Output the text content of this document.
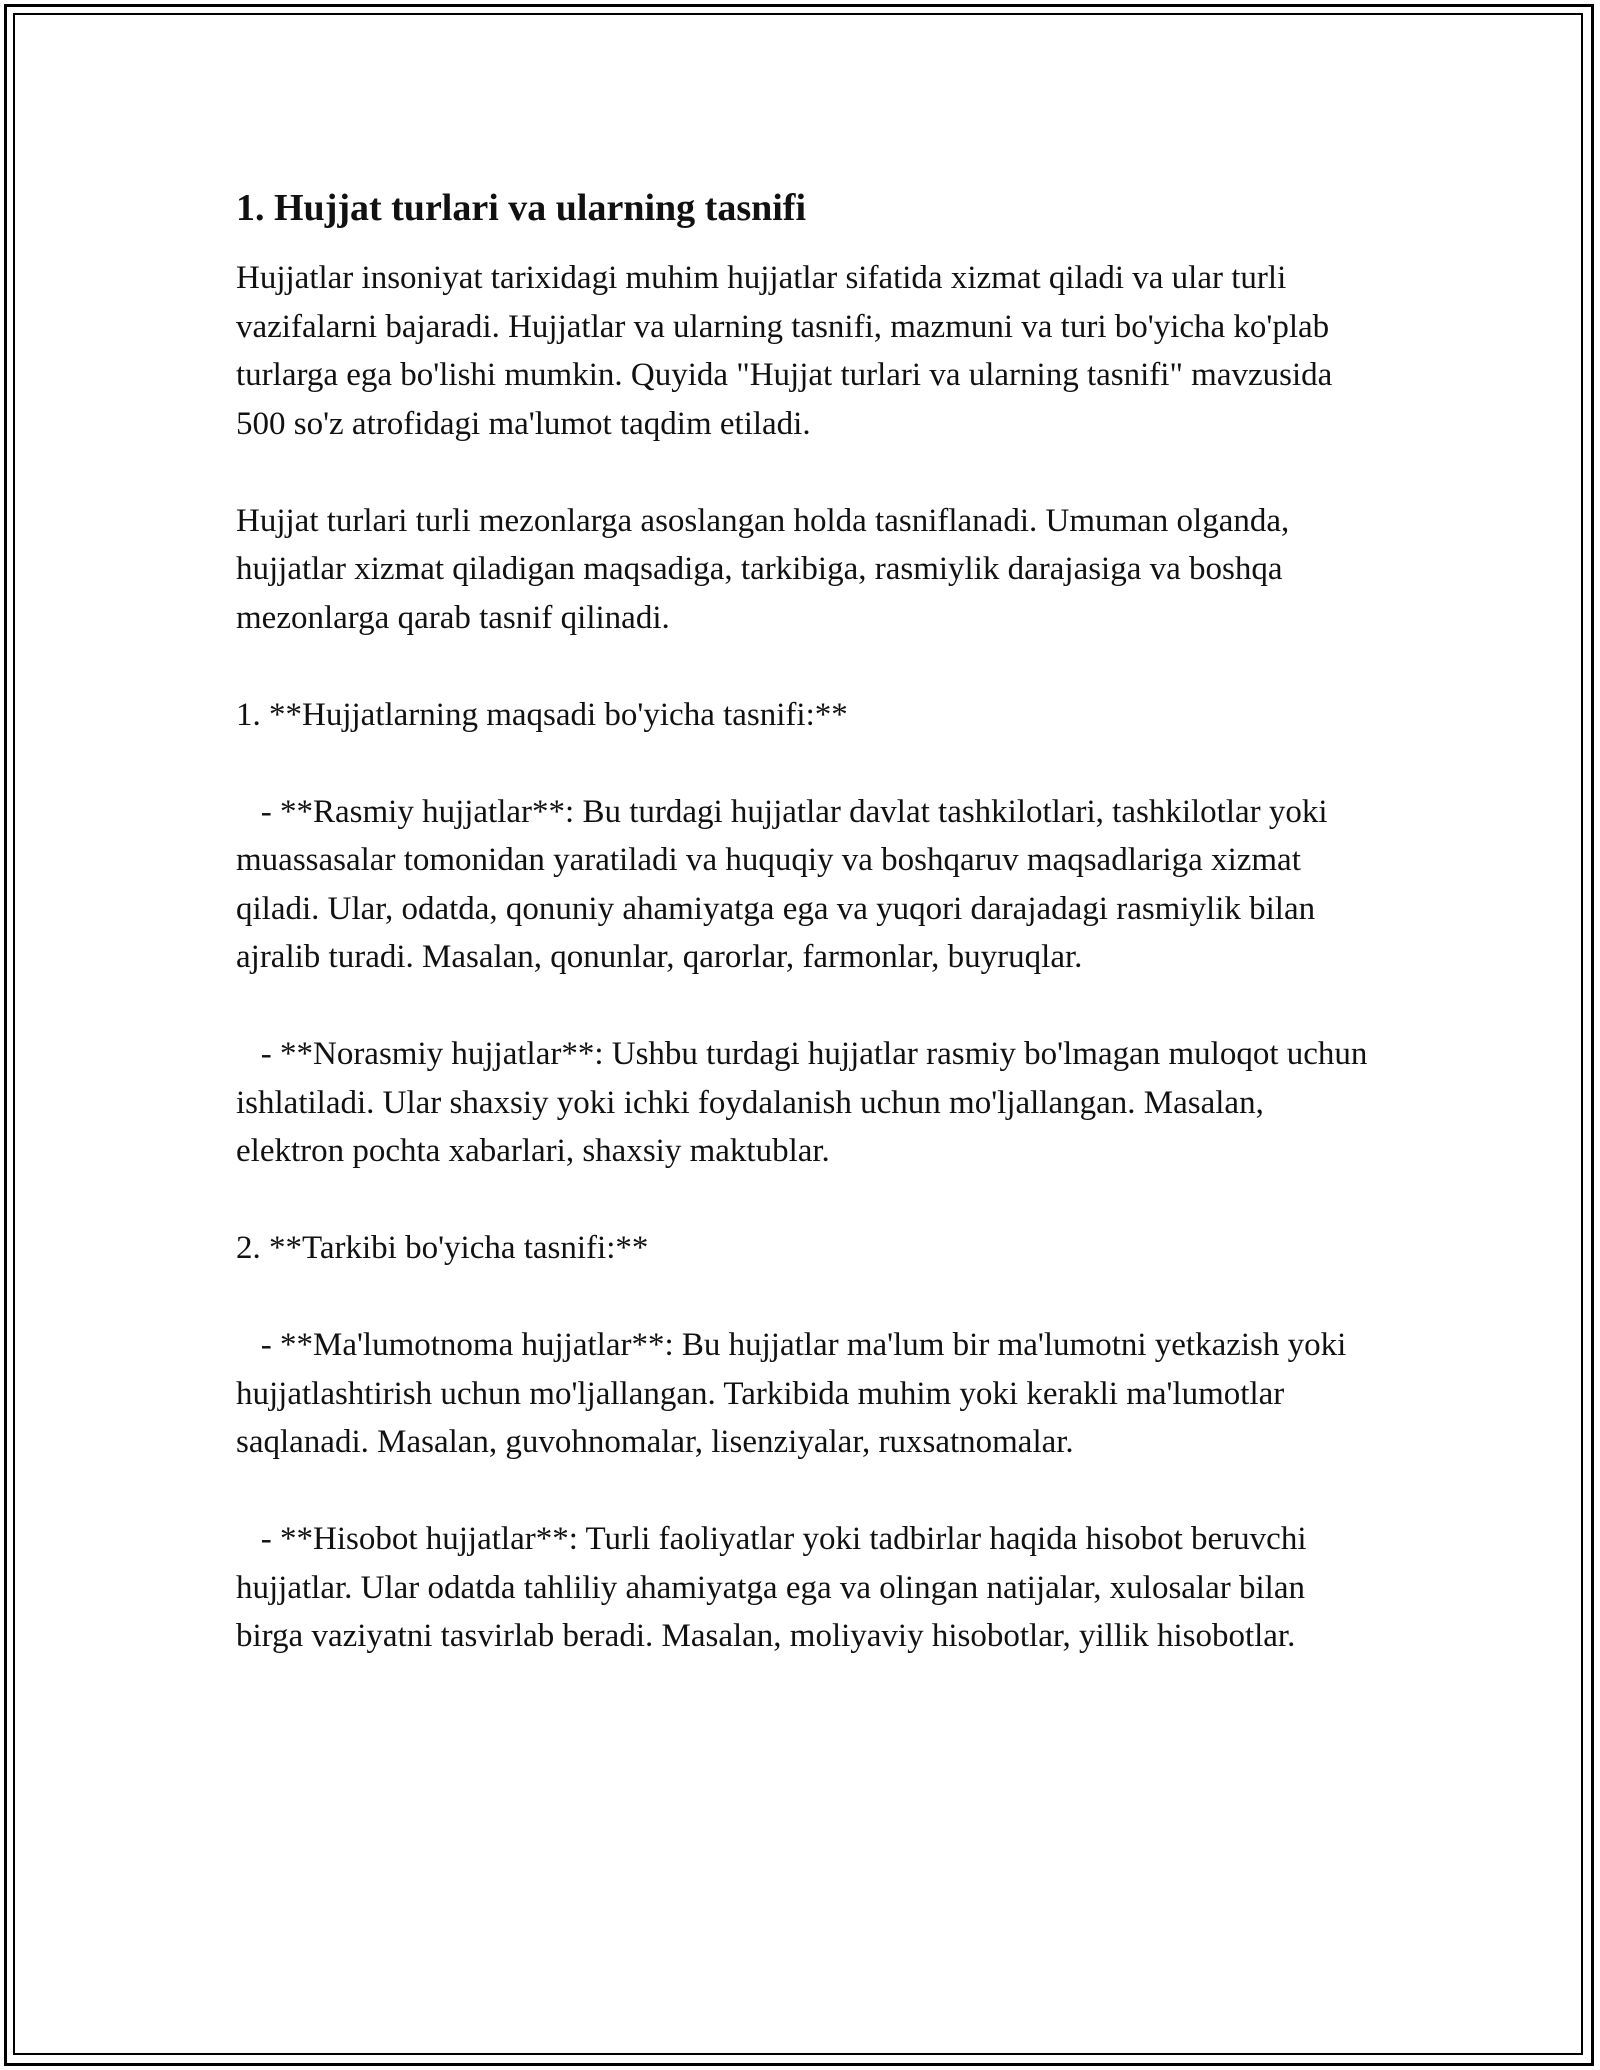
1. Hujjat turlari va ularning tasnifi

Hujjatlar insoniyat tarixidagi muhim hujjatlar sifatida xizmat qiladi va ular turli vazifalarni bajaradi. Hujjatlar va ularning tasnifi, mazmuni va turi bo'yicha ko'plab turlarga ega bo'lishi mumkin. Quyida "Hujjat turlari va ularning tasnifi" mavzusida 500 so'z atrofidagi ma'lumot taqdim etiladi.

Hujjat turlari turli mezonlarga asoslangan holda tasniflanadi. Umuman olganda, hujjatlar xizmat qiladigan maqsadiga, tarkibiga, rasmiylik darajasiga va boshqa mezonlarga qarab tasnif qilinadi.

1. **Hujjatlarning maqsadi bo'yicha tasnifi:**

- **Rasmiy hujjatlar**: Bu turdagi hujjatlar davlat tashkilotlari, tashkilotlar yoki muassasalar tomonidan yaratiladi va huquqiy va boshqaruv maqsadlariga xizmat qiladi. Ular, odatda, qonuniy ahamiyatga ega va yuqori darajadagi rasmiylik bilan ajralib turadi. Masalan, qonunlar, qarorlar, farmonlar, buyruqlar.

- **Norasmiy hujjatlar**: Ushbu turdagi hujjatlar rasmiy bo'lmagan muloqot uchun ishlatiladi. Ular shaxsiy yoki ichki foydalanish uchun mo'ljallangan. Masalan, elektron pochta xabarlari, shaxsiy maktublar.

2. **Tarkibi bo'yicha tasnifi:**

- **Ma'lumotnoma hujjatlar**: Bu hujjatlar ma'lum bir ma'lumotni yetkazish yoki hujjatlashtirish uchun mo'ljallangan. Tarkibida muhim yoki kerakli ma'lumotlar saqlanadi. Masalan, guvohnomalar, lisenziyalar, ruxsatnomalar.

- **Hisobot hujjatlar**: Turli faoliyatlar yoki tadbirlar haqida hisobot beruvchi hujjatlar. Ular odatda tahliliy ahamiyatga ega va olingan natijalar, xulosalar bilan birga vaziyatni tasvirlab beradi. Masalan, moliyaviy hisobotlar, yillik hisobotlar.
